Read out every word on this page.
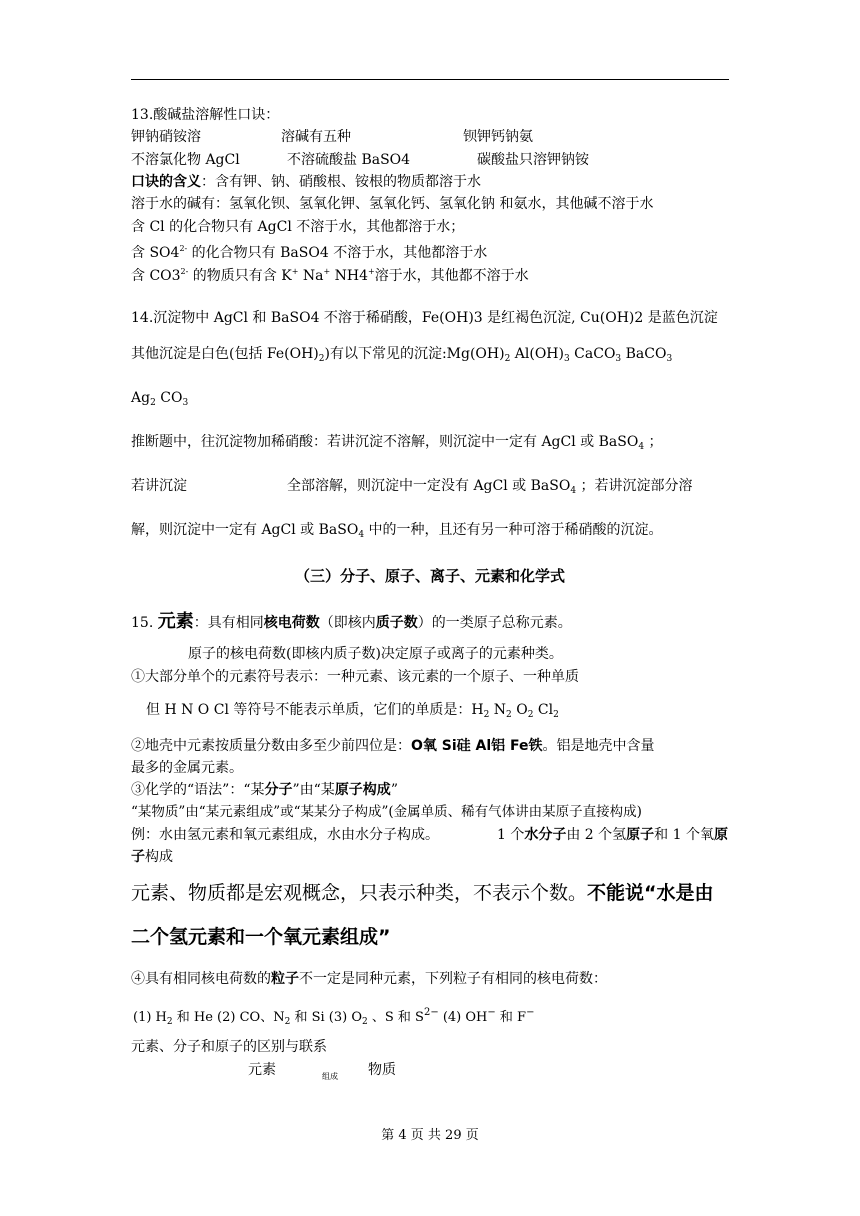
13.酸碱盐溶解性口诀：
钾钠硝铵溶	溶碱有五种	钡钾钙钠氨
不溶氯化物 AgCl	不溶硫酸盐 BaSO4	碳酸盐只溶钾钠铵
口诀的含义：含有钾、钠、硝酸根、铵根的物质都溶于水
溶于水的碱有：氢氧化钡、氢氧化钾、氢氧化钙、氢氧化钠 和氨水，其他碱不溶于水
含 Cl 的化合物只有 AgCl 不溶于水，其他都溶于水；
含 $SO4^{2-}$ 的化合物只有 BaSO4 不溶于水，其他都溶于水
含 $CO3^{2-}$ 的物质只有含 K+ Na+ NH4+溶于水，其他都不溶于水
14.沉淀物中 AgCl 和 BaSO4 不溶于稀硝酸，Fe(OH)3 是红褐色沉淀, Cu(OH)2 是蓝色沉淀
其他沉淀是白色(包括 $Fe(OH)_2$)有以下常见的沉淀$:Mg(OH)_2$ $Al(OH)_3$ CaCO$_3$ BaCO$_3$
$Ag_2$ $CO_3$
推断题中，往沉淀物加稀硝酸：若讲沉淀不溶解，则沉淀中一定有 AgCl 或 BaSO$_4$ ；
若讲沉淀	全部溶解，则沉淀中一定没有 AgCl 或 BaSO$_4$ ；若讲沉淀部分溶
解，则沉淀中一定有 AgCl 或 BaSO$_4$ 中的一种，且还有另一种可溶于稀硝酸的沉淀。
（三）分子、原子、离子、元素和化学式
15. 元素：具有相同核电荷数（即核内质子数）的一类原子总称元素。
原子的核电荷数(即核内质子数)决定原子或离子的元素种类。
①大部分单个的元素符号表示：一种元素、该元素的一个原子、一种单质
但 H N O Cl 等符号不能表示单质，它们的单质是：$H_2$ $N_2$ $O_2$ $Cl_2$
②地壳中元素按质量分数由多至少前四位是：O氧 Si硅 Al铝 Fe铁。铝是地壳中含量
最多的金属元素。
③化学的“语法”：“某分子”由“某原子构成”
“某物质”由“某元素组成”或“某某分子构成”(金属单质、稀有气体讲由某原子直接构成)
例：水由氢元素和氧元素组成，水由水分子构成。	1 个水分子由 2 个氢原子和 1 个氧原
子构成
元素、物质都是宏观概念，只表示种类，不表示个数。不能说“水是由
二个氢元素和一个氧元素组成”
④具有相同核电荷数的粒子不一定是同种元素，下列粒子有相同的核电荷数：
(1) $H_2$ 和 He (2) CO、$N_2$ 和 Si (3) $O_2$ 、S 和 $S^{2-}$ (4) OH− 和 F−
元素、分子和原子的区别与联系
元素	组成 物质
第 4 页 共 29 页
